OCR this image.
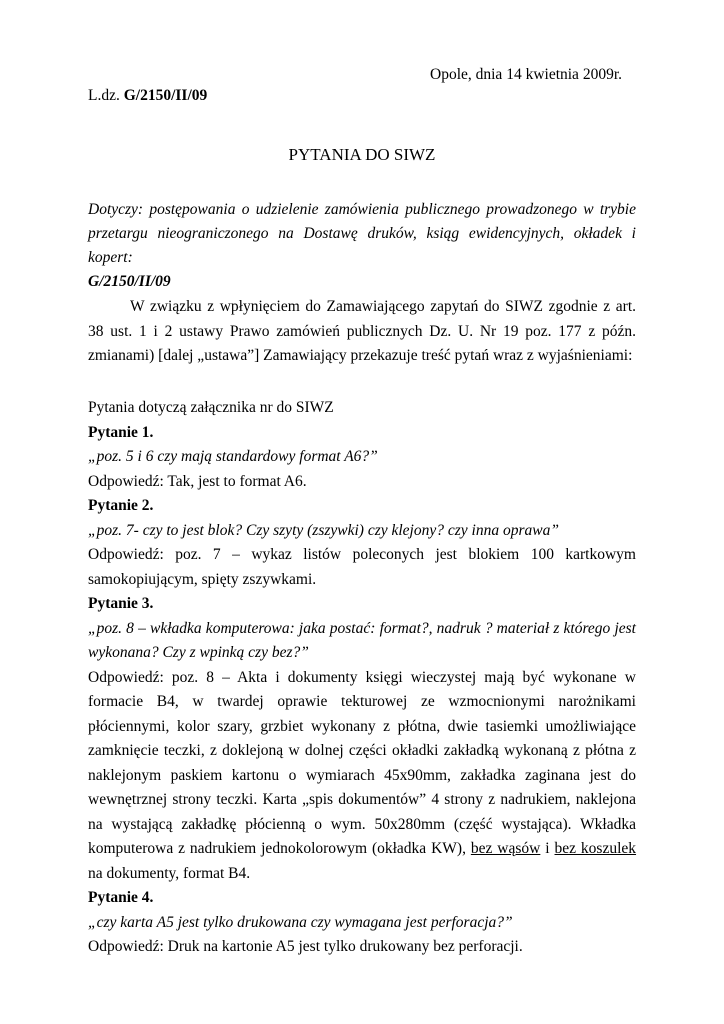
Opole, dnia 14 kwietnia 2009r.
L.dz. G/2150/II/09
PYTANIA DO SIWZ
Dotyczy: postępowania o udzielenie zamówienia publicznego prowadzonego w trybie przetargu nieograniczonego na Dostawę druków, ksiąg ewidencyjnych, okładek i kopert:
G/2150/II/09
W związku z wpłynięciem do Zamawiającego zapytań do SIWZ zgodnie z art. 38 ust. 1 i 2 ustawy Prawo zamówień publicznych Dz. U. Nr 19 poz. 177 z późn. zmianami) [dalej „ustawa”] Zamawiający przekazuje treść pytań wraz z wyjaśnieniami:

Pytania dotyczą załącznika nr do SIWZ

Pytanie 1.

„poz. 5 i 6 czy mają standardowy format A6?”

Odpowiedź: Tak, jest to format A6.

Pytanie 2.

„poz. 7- czy to jest blok? Czy szyty (zszywki) czy klejony? czy inna oprawa”

Odpowiedź: poz. 7 – wykaz listów poleconych jest blokiem 100 kartkowym samokopiującym, spięty zszywkami.

Pytanie 3.

„poz. 8 – wkładka komputerowa: jaka postać: format?, nadruk ? materiał z którego jest wykonana? Czy z wpinką czy bez?”

Odpowiedź: poz. 8 – Akta i dokumenty księgi wieczystej mają być wykonane w formacie B4, w twardej oprawie tekturowej ze wzmocnionymi narożnikami płóciennymi, kolor szary, grzbiet wykonany z płótna, dwie tasiemki umożliwiające zamknięcie teczki, z doklejoną w dolnej części okładki zakładką wykonaną z płótna z naklejonym paskiem kartonu o wymiarach 45x90mm, zakładka zaginana jest do wewnętrznej strony teczki. Karta „spis dokumentów” 4 strony z nadrukiem, naklejona na wystającą zakładkę płócienną o wym. 50x280mm (część wystająca). Wkładka komputerowa z nadrukiem jednokolorowym (okładka KW), bez wąsów i bez koszulek na dokumenty, format B4.

Pytanie 4.

„czy karta A5 jest tylko drukowana czy wymagana jest perforacja?”

Odpowiedź: Druk na kartonie A5 jest tylko drukowany bez perforacji.
